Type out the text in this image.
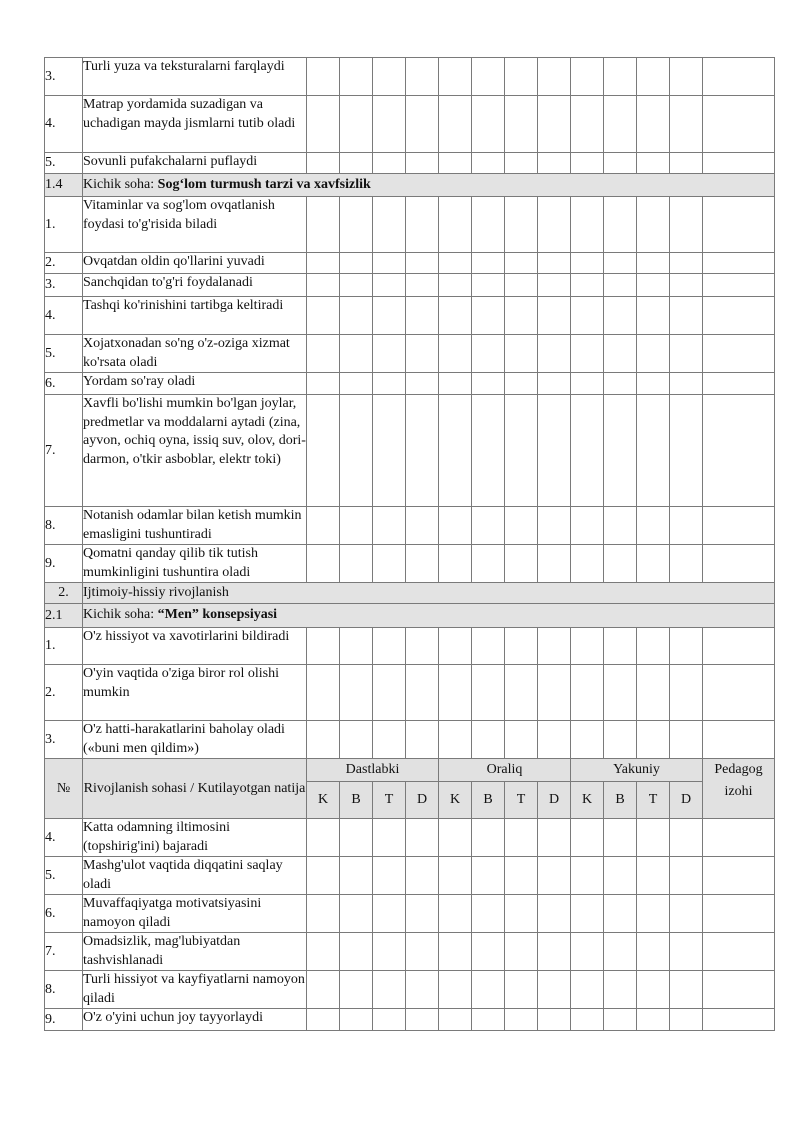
3.	Turli yuza va teksturalarni farqlaydi													
4.	Matrap yordamida suzadigan va uchadigan mayda jismlarni tutib oladi													
5.	Sovunli pufakchalarni puflaydi													
1.4	Kichik soha: Sog‘lom turmush tarzi va xavfsizlik													
1.	Vitaminlar va sog'lom ovqatlanish foydasi to'g'risida biladi													
2.	Ovqatdan oldin qo'llarini yuvadi													
3.	Sanchqidan to'g'ri foydalanadi													
4.	Tashqi ko'rinishini tartibga keltiradi													
5.	Xojatxonadan so'ng o'z-oziga xizmat ko'rsata oladi													
6.	Yordam so'ray oladi													
7.	Xavfli bo'lishi mumkin bo'lgan joylar, predmetlar va moddalarni aytadi (zina, ayvon, ochiq oyna, issiq suv, olov, dori-darmon, o'tkir asboblar, elektr toki)													
8.	Notanish odamlar bilan ketish mumkin emasligini tushuntiradi													
9.	Qomatni qanday qilib tik tutish mumkinligini tushuntira oladi													
2.	Ijtimoiy-hissiy rivojlanish													
2.1	Kichik soha: “Men” konsepsiyasi													
1.	O'z hissiyot va xavotirlarini bildiradi													
2.	O'yin vaqtida o'ziga biror rol olishi mumkin													
3.	O'z hatti-harakatlarini baholay oladi («buni men qildim»)													
№	Rivojlanish sohasi / Kutilayotgan natija	Dastlabki				Oraliq				Yakuniy				Pedagog izohi
		K	B	T	D	K	B	T	D	K	B	T	D	
4.	Katta odamning iltimosini (topshirig'ini) bajaradi													
5.	Mashg'ulot vaqtida diqqatini saqlay oladi													
6.	Muvaffaqiyatga motivatsiyasini namoyon qiladi													
7.	Omadsizlik, mag'lubiyatdan tashvishlanadi													
8.	Turli hissiyot va kayfiyatlarni namoyon qiladi													
9.	O'z o'yini uchun joy tayyorlaydi													
